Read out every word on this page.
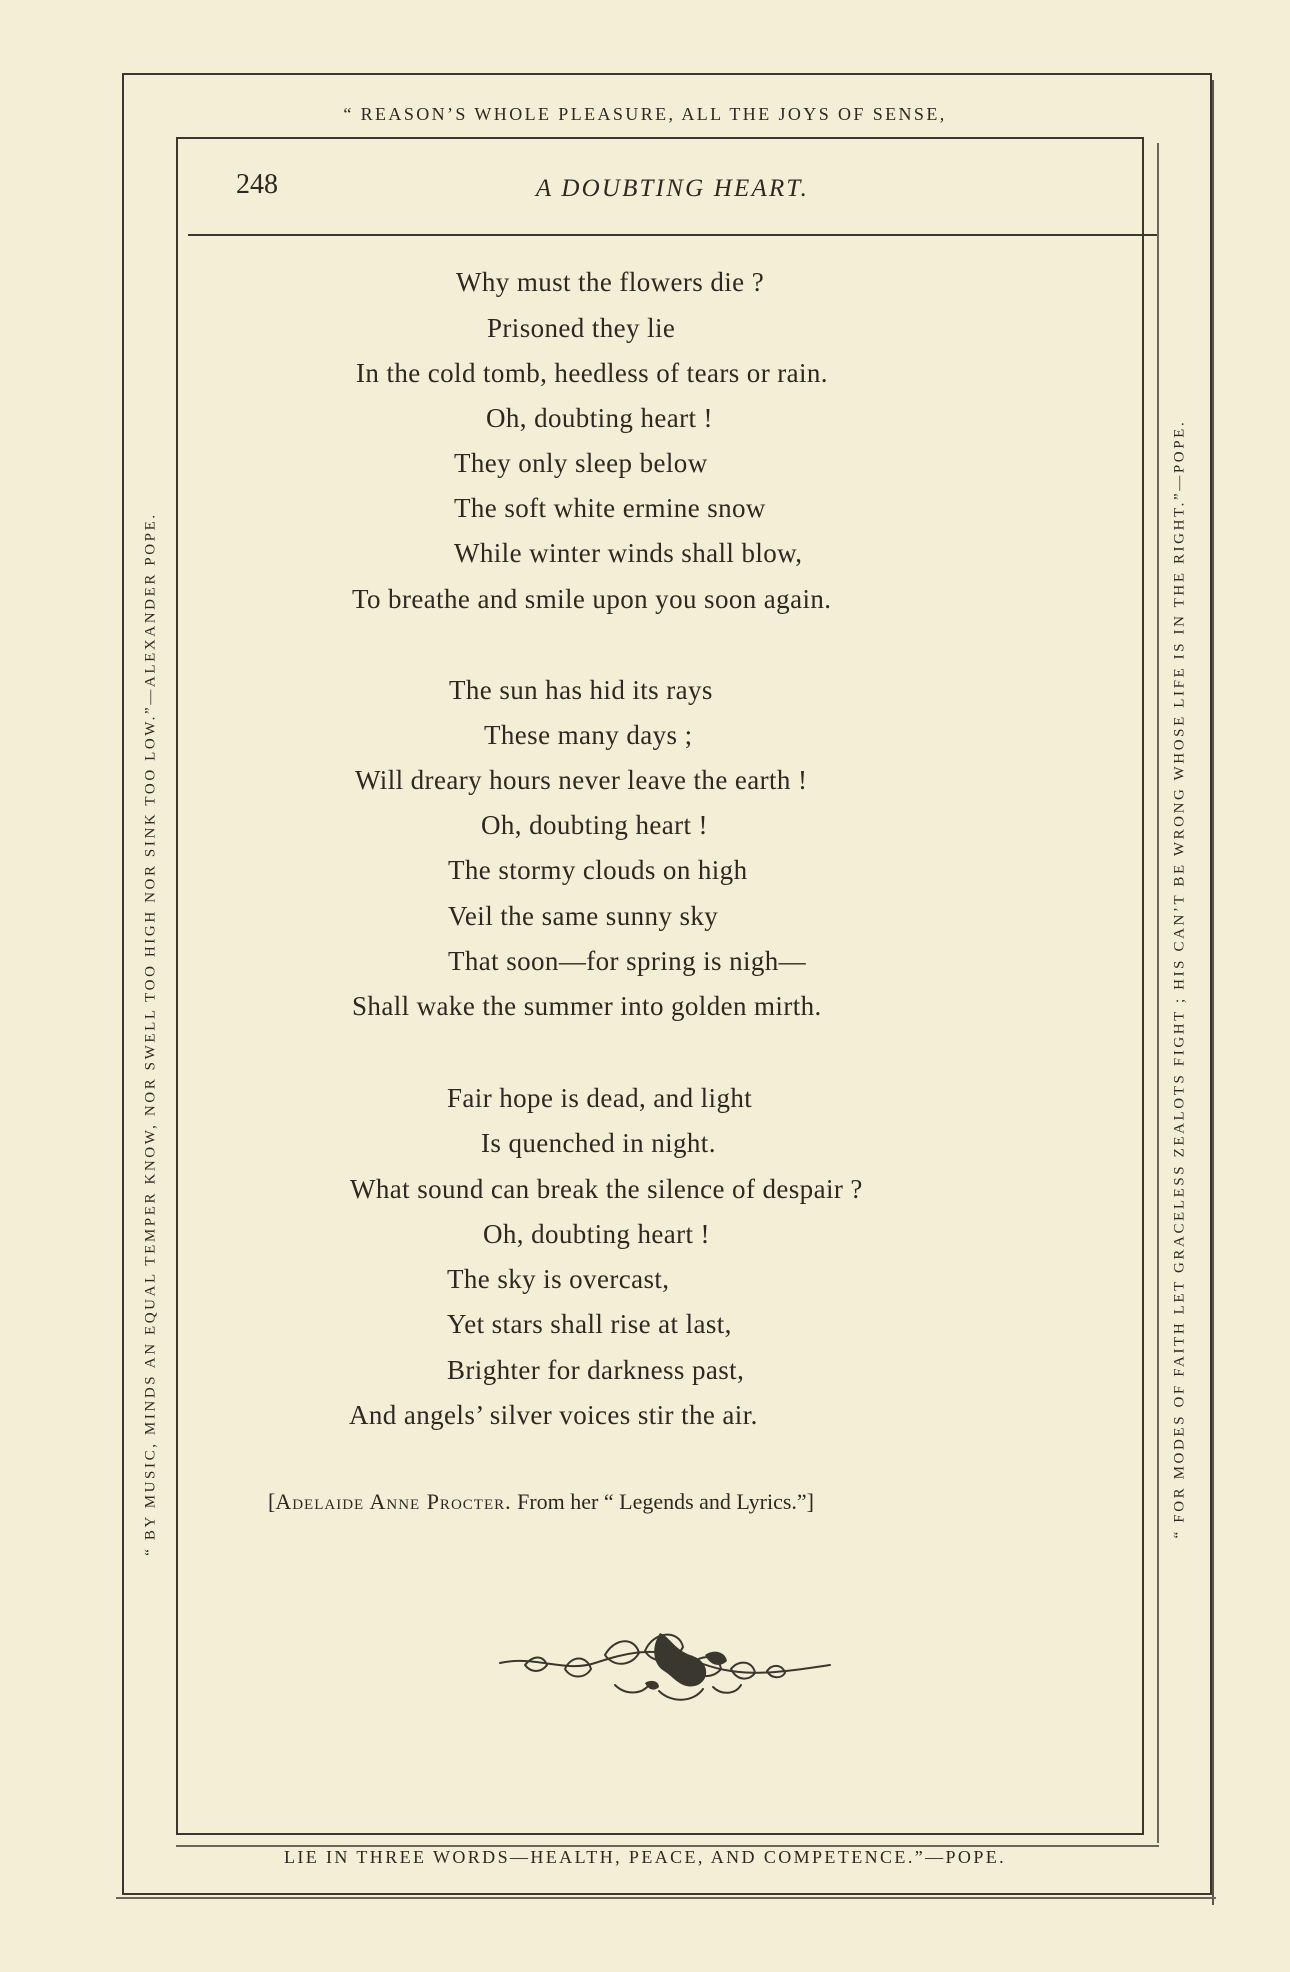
“ REASON’S WHOLE PLEASURE, ALL THE JOYS OF SENSE,
LIE IN THREE WORDS—HEALTH, PEACE, AND COMPETENCE.”—POPE.
“ BY MUSIC, MINDS AN EQUAL TEMPER KNOW, NOR SWELL TOO HIGH NOR SINK TOO LOW.”—ALEXANDER POPE.	“ FOR MODES OF FAITH LET GRACELESS ZEALOTS FIGHT ; HIS CAN’T BE WRONG WHOSE LIFE IS IN THE RIGHT.”—POPE.
248	A DOUBTING HEART.
Why must the flowers die ?
Prisoned they lie
In the cold tomb, heedless of tears or rain.
Oh, doubting heart !
They only sleep below
The soft white ermine snow
While winter winds shall blow,
To breathe and smile upon you soon again.
The sun has hid its rays
These many days ;
Will dreary hours never leave the earth !
Oh, doubting heart !
The stormy clouds on high
Veil the same sunny sky
That soon—for spring is nigh—
Shall wake the summer into golden mirth.
Fair hope is dead, and light
Is quenched in night.
What sound can break the silence of despair ?
Oh, doubting heart !
The sky is overcast,
Yet stars shall rise at last,
Brighter for darkness past,
And angels’ silver voices stir the air.
[Adelaide Anne Procter. From her “ Legends and Lyrics.”]
